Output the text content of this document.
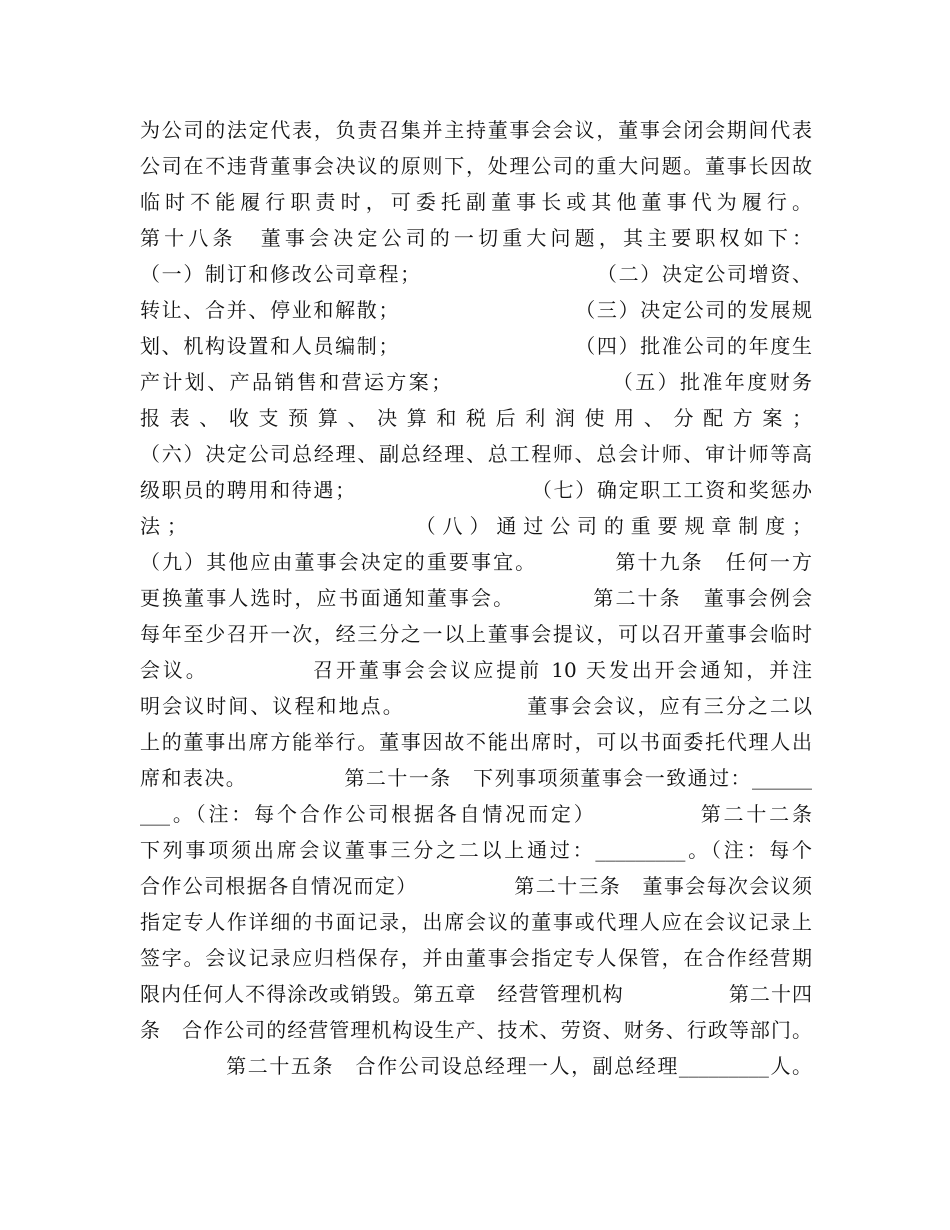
为公司的法定代表，负责召集并主持董事会会议，董事会闭会期间代表
公司在不违背董事会决议的原则下，处理公司的重大问题。董事长因故
临时不能履行职责时，可委托副董事长或其他董事代为履行。
第十八条　董事会决定公司的一切重大问题，其主要职权如下：
（一）制订和修改公司章程；　　　　　　　　　（二）决定公司增资、
转让、合并、停业和解散；　　　　　　　　　（三）决定公司的发展规
划、机构设置和人员编制；　　　　　　　　　（四）批准公司的年度生
产计划、产品销售和营运方案；　　　　　　　　（五）批准年度财务
报表、收支预算、决算和税后利润使用、分配方案；
（六）决定公司总经理、副总经理、总工程师、总会计师、审计师等高
级职员的聘用和待遇；　　　　　　　　　（七）确定职工工资和奖惩办
法；　　　　　　　　　（八）通过公司的重要规章制度；
（九）其他应由董事会决定的重要事宜。　　　　第十九条　任何一方
更换董事人选时，应书面通知董事会。　　　　第二十条　董事会例会
每年至少召开一次，经三分之一以上董事会提议，可以召开董事会临时
会议。　　　　　召开董事会会议应提前 10 天发出开会通知，并注
明会议时间、议程和地点。　　　　　　董事会会议，应有三分之二以
上的董事出席方能举行。董事因故不能出席时，可以书面委托代理人出
席和表决。　　　　　第二十一条　下列事项须董事会一致通过：______
___。（注：每个合作公司根据各自情况而定）　　　　　第二十二条
下列事项须出席会议董事三分之二以上通过：_________。（注：每个
合作公司根据各自情况而定）　　　　　第二十三条　董事会每次会议须
指定专人作详细的书面记录，出席会议的董事或代理人应在会议记录上
签字。会议记录应归档保存，并由董事会指定专人保管，在合作经营期
限内任何人不得涂改或销毁。第五章　经营管理机构　　　　　第二十四
条　合作公司的经营管理机构设生产、技术、劳资、财务、行政等部门。
　　　　第二十五条　合作公司设总经理一人，副总经理_________人。
